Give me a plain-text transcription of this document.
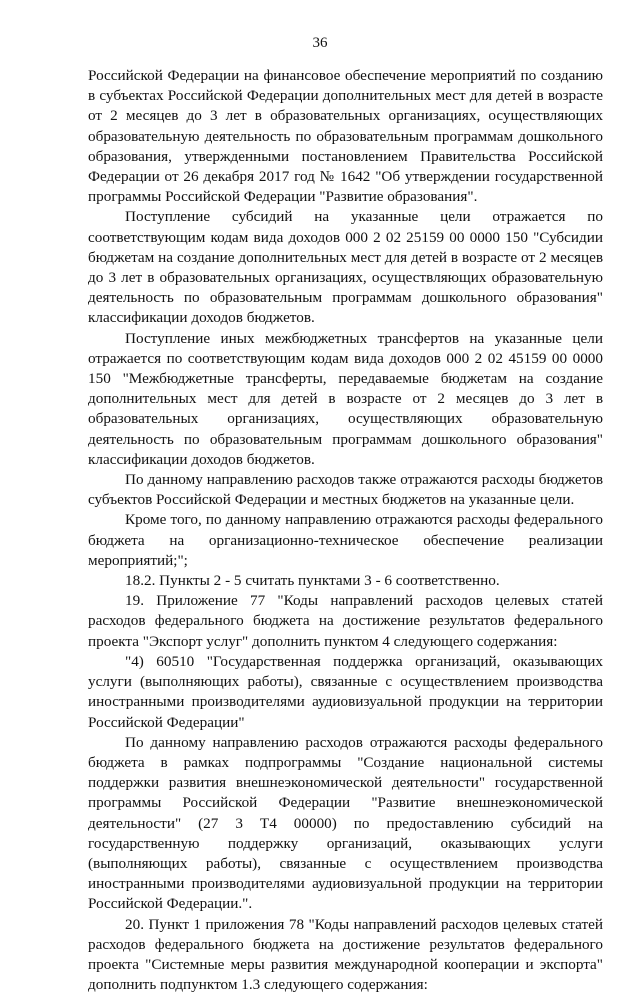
36

Российской Федерации на финансовое обеспечение мероприятий по созданию в субъектах Российской Федерации дополнительных мест для детей в возрасте от 2 месяцев до 3 лет в образовательных организациях, осуществляющих образовательную деятельность по образовательным программам дошкольного образования, утвержденными постановлением Правительства Российской Федерации от 26 декабря 2017 год № 1642 "Об утверждении государственной программы Российской Федерации "Развитие образования".

Поступление субсидий на указанные цели отражается по соответствующим кодам вида доходов 000 2 02 25159 00 0000 150 "Субсидии бюджетам на создание дополнительных мест для детей в возрасте от 2 месяцев до 3 лет в образовательных организациях, осуществляющих образовательную деятельность по образовательным программам дошкольного образования" классификации доходов бюджетов.

Поступление иных межбюджетных трансфертов на указанные цели отражается по соответствующим кодам вида доходов 000 2 02 45159 00 0000 150 "Межбюджетные трансферты, передаваемые бюджетам на создание дополнительных мест для детей в возрасте от 2 месяцев до 3 лет в образовательных организациях, осуществляющих образовательную деятельность по образовательным программам дошкольного образования" классификации доходов бюджетов.

По данному направлению расходов также отражаются расходы бюджетов субъектов Российской Федерации и местных бюджетов на указанные цели.

Кроме того, по данному направлению отражаются расходы федерального бюджета на организационно-техническое обеспечение реализации мероприятий;";

18.2. Пункты 2 - 5 считать пунктами 3 - 6 соответственно.

19. Приложение 77 "Коды направлений расходов целевых статей расходов федерального бюджета на достижение результатов федерального проекта "Экспорт услуг" дополнить пунктом 4 следующего содержания:

"4) 60510 "Государственная поддержка организаций, оказывающих услуги (выполняющих работы), связанные с осуществлением производства иностранными производителями аудиовизуальной продукции на территории Российской Федерации"

По данному направлению расходов отражаются расходы федерального бюджета в рамках подпрограммы "Создание национальной системы поддержки развития внешнеэкономической деятельности" государственной программы Российской Федерации "Развитие внешнеэкономической деятельности" (27 3 Т4 00000) по предоставлению субсидий на государственную поддержку организаций, оказывающих услуги (выполняющих работы), связанные с осуществлением производства иностранными производителями аудиовизуальной продукции на территории Российской Федерации.".

20. Пункт 1 приложения 78 "Коды направлений расходов целевых статей расходов федерального бюджета на достижение результатов федерального проекта "Системные меры развития международной кооперации и экспорта" дополнить подпунктом 1.3 следующего содержания:
